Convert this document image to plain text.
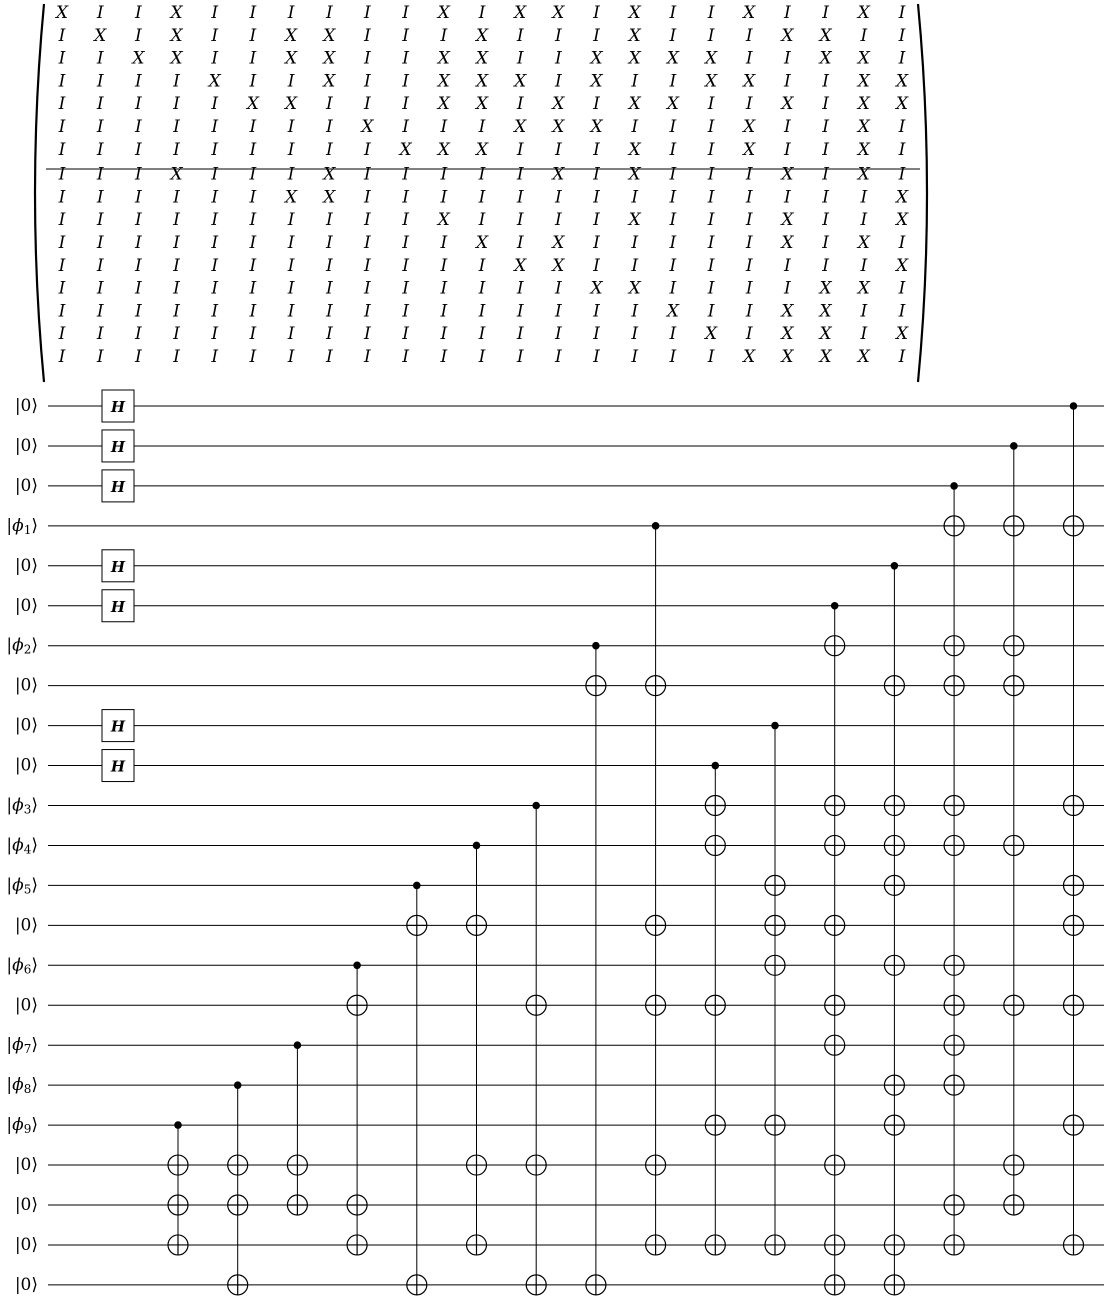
X I I X I I I I I I X I X X I X I I X I I X I
I X I X I I X X I I I X I I I X I I I X X I I
I I X X I I X X I I X X I I X X X X I I X X I
I I I I X I I X I I X X X I X I I X X I I X X
I I I I I X X I I I X X I X I X X I I X I X X
I I I I I I I I X I I I X X X I I I X I I X I
I I I I I I I I I X X X I I I X I I X I I X I
I I I X I I I X I I I I I X I X I I I X I X I
I I I I I I X X I I I I I I I I I I I I I I X
I I I I I I I I I I X I I I I X I I I X I I X
I I I I I I I I I I I X I X I I I I I X I X I
I I I I I I I I I I I I X X I I I I I I I I X
I I I I I I I I I I I I I I X X I I I I X X I
I I I I I I I I I I I I I I I I X I I X X I I
I I I I I I I I I I I I I I I I I X I X X I X
I I I I I I I I I I I I I I I I I I X X X X I
|0⟩
|0⟩
|0⟩
$|\phi_1⟩$
|0⟩
|0⟩
$|\phi_2⟩$
|0⟩
|0⟩
|0⟩
$|\phi_3⟩$
$|\phi_4⟩$
$|\phi_5⟩$
|0⟩
$|\phi_6⟩$
|0⟩
$|\phi_7⟩$
$|\phi_8⟩$
$|\phi_9⟩$
|0⟩
|0⟩
|0⟩
|0⟩
H
H
H
H
H
H
H
